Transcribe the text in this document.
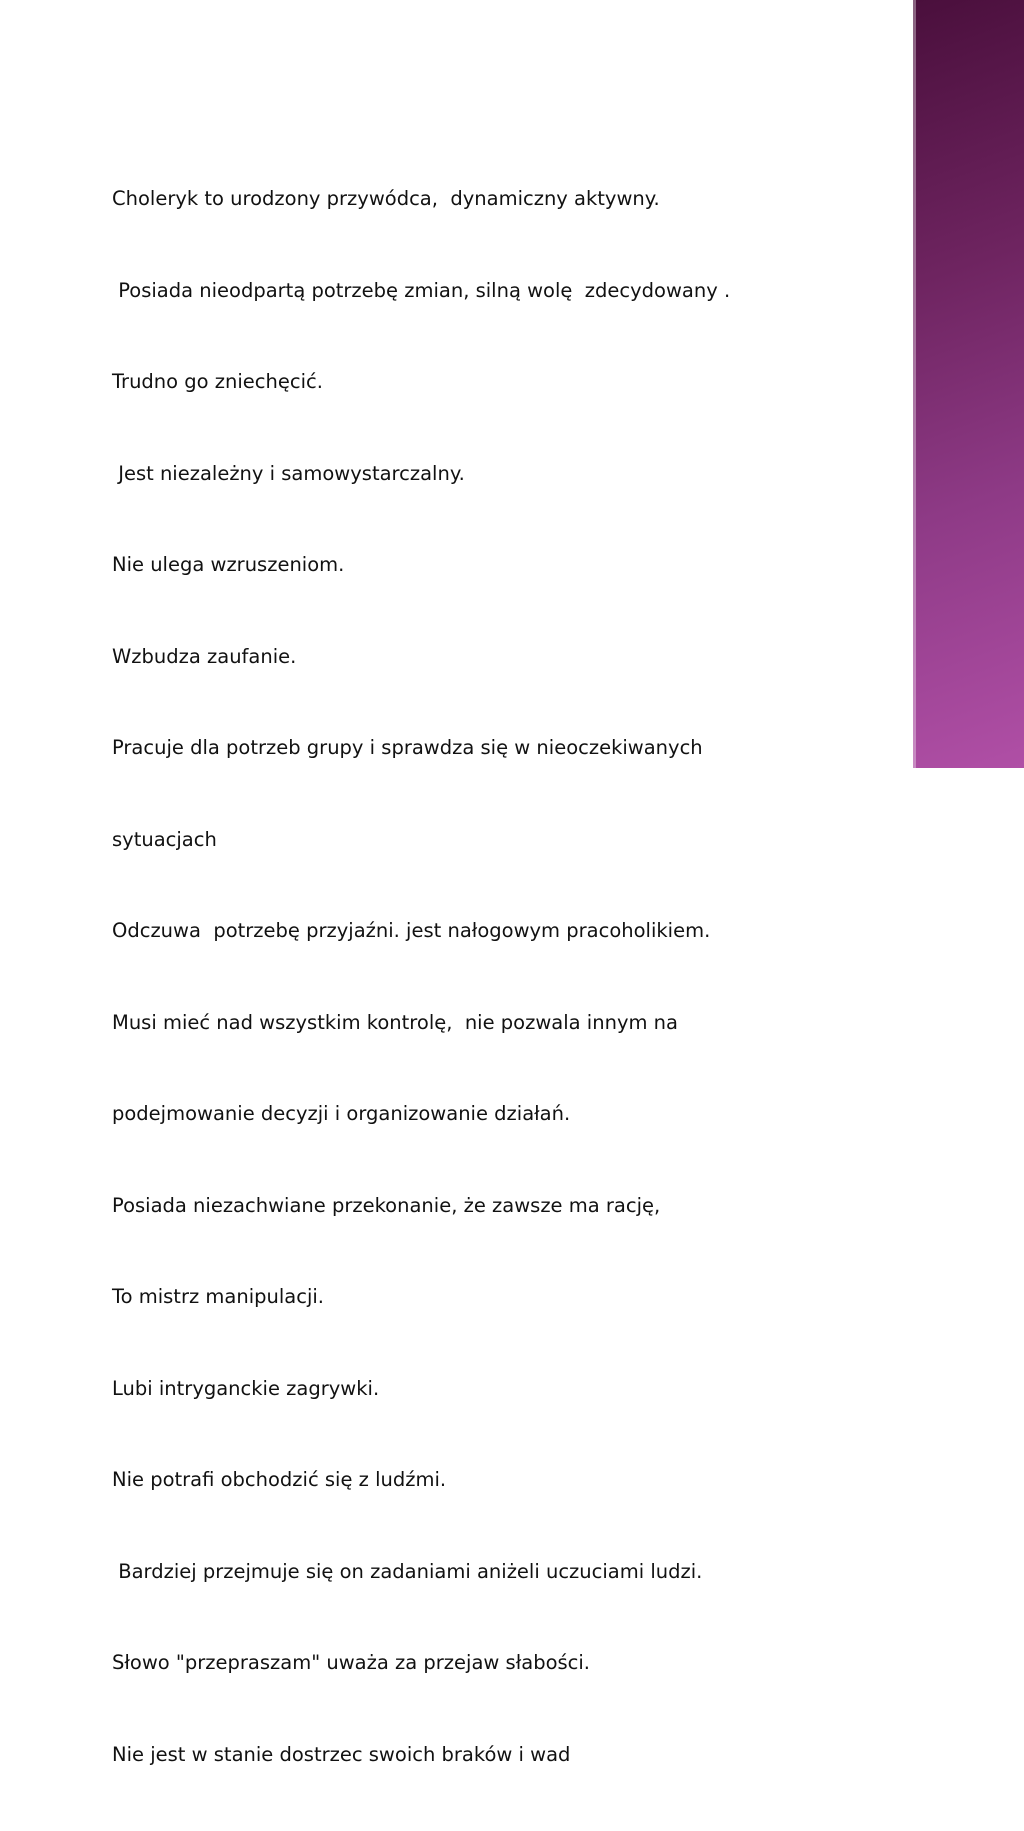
Choleryk to urodzony przywódca,  dynamiczny aktywny.

Posiada nieodpartą potrzebę zmian, silną wolę  zdecydowany .

Trudno go zniechęcić.

Jest niezależny i samowystarczalny.

Nie ulega wzruszeniom.

Wzbudza zaufanie.

Pracuje dla potrzeb grupy i sprawdza się w nieoczekiwanych

sytuacjach

Odczuwa  potrzebę przyjaźni. jest nałogowym pracoholikiem.

Musi mieć nad wszystkim kontrolę,  nie pozwala innym na

podejmowanie decyzji i organizowanie działań.

Posiada niezachwiane przekonanie, że zawsze ma rację,

To mistrz manipulacji.

Lubi intryganckie zagrywki.

Nie potrafi obchodzić się z ludźmi.

Bardziej przejmuje się on zadaniami aniżeli uczuciami ludzi.

Słowo "przepraszam" uważa za przejaw słabości.

Nie jest w stanie dostrzec swoich braków i wad
